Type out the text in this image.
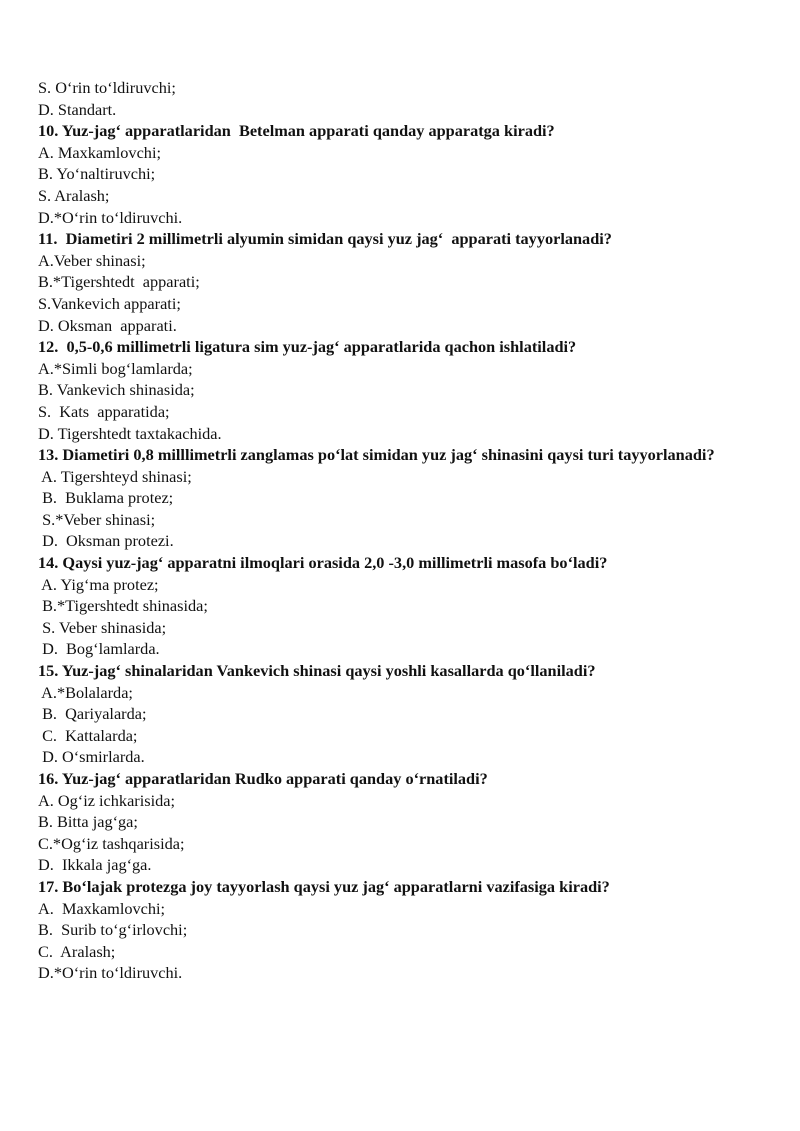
S. O‘rin to‘ldiruvchi;
D. Standart.
10. Yuz-jag‘ apparatlaridan  Betelman apparati qanday apparatga kiradi?
A. Maxkamlovchi;
B. Yo‘naltiruvchi;
S. Aralash;
D.*O‘rin to‘ldiruvchi.
11.  Diametiri 2 millimetrli alyumin simidan qaysi yuz jag‘  apparati tayyorlanadi?
A.Veber shinasi;
B.*Tigershtedt  apparati;
S.Vankevich apparati;
D. Oksman  apparati.
12.  0,5-0,6 millimetrli ligatura sim yuz-jag‘ apparatlarida qachon ishlatiladi?
A.*Simli bog‘lamlarda;
B. Vankevich shinasida;
S.  Kats  apparatida;
D. Tigershtedt taxtakachida.
13. Diametiri 0,8 milllimetrli zanglamas po‘lat simidan yuz jag‘ shinasini qaysi turi tayyorlanadi?
A. Tigershteyd shinasi;
B.  Buklama protez;
S.*Veber shinasi;
D.  Oksman protezi.
14. Qaysi yuz-jag‘ apparatni ilmoqlari orasida 2,0 -3,0 millimetrli masofa bo‘ladi?
A. Yig‘ma protez;
B.*Tigershtedt shinasida;
S. Veber shinasida;
D.  Bog‘lamlarda.
15. Yuz-jag‘ shinalaridan Vankevich shinasi qaysi yoshli kasallarda qo‘llaniladi?
A.*Bolalarda;
B.  Qariyalarda;
C.  Kattalarda;
D. O‘smirlarda.
16. Yuz-jag‘ apparatlaridan Rudko apparati qanday o‘rnatiladi?
A. Og‘iz ichkarisida;
B. Bitta jag‘ga;
C.*Og‘iz tashqarisida;
D.  Ikkala jag‘ga.
17. Bo‘lajak protezga joy tayyorlash qaysi yuz jag‘ apparatlarni vazifasiga kiradi?
A.  Maxkamlovchi;
B.  Surib to‘g‘irlovchi;
C.  Aralash;
D.*O‘rin to‘ldiruvchi.
